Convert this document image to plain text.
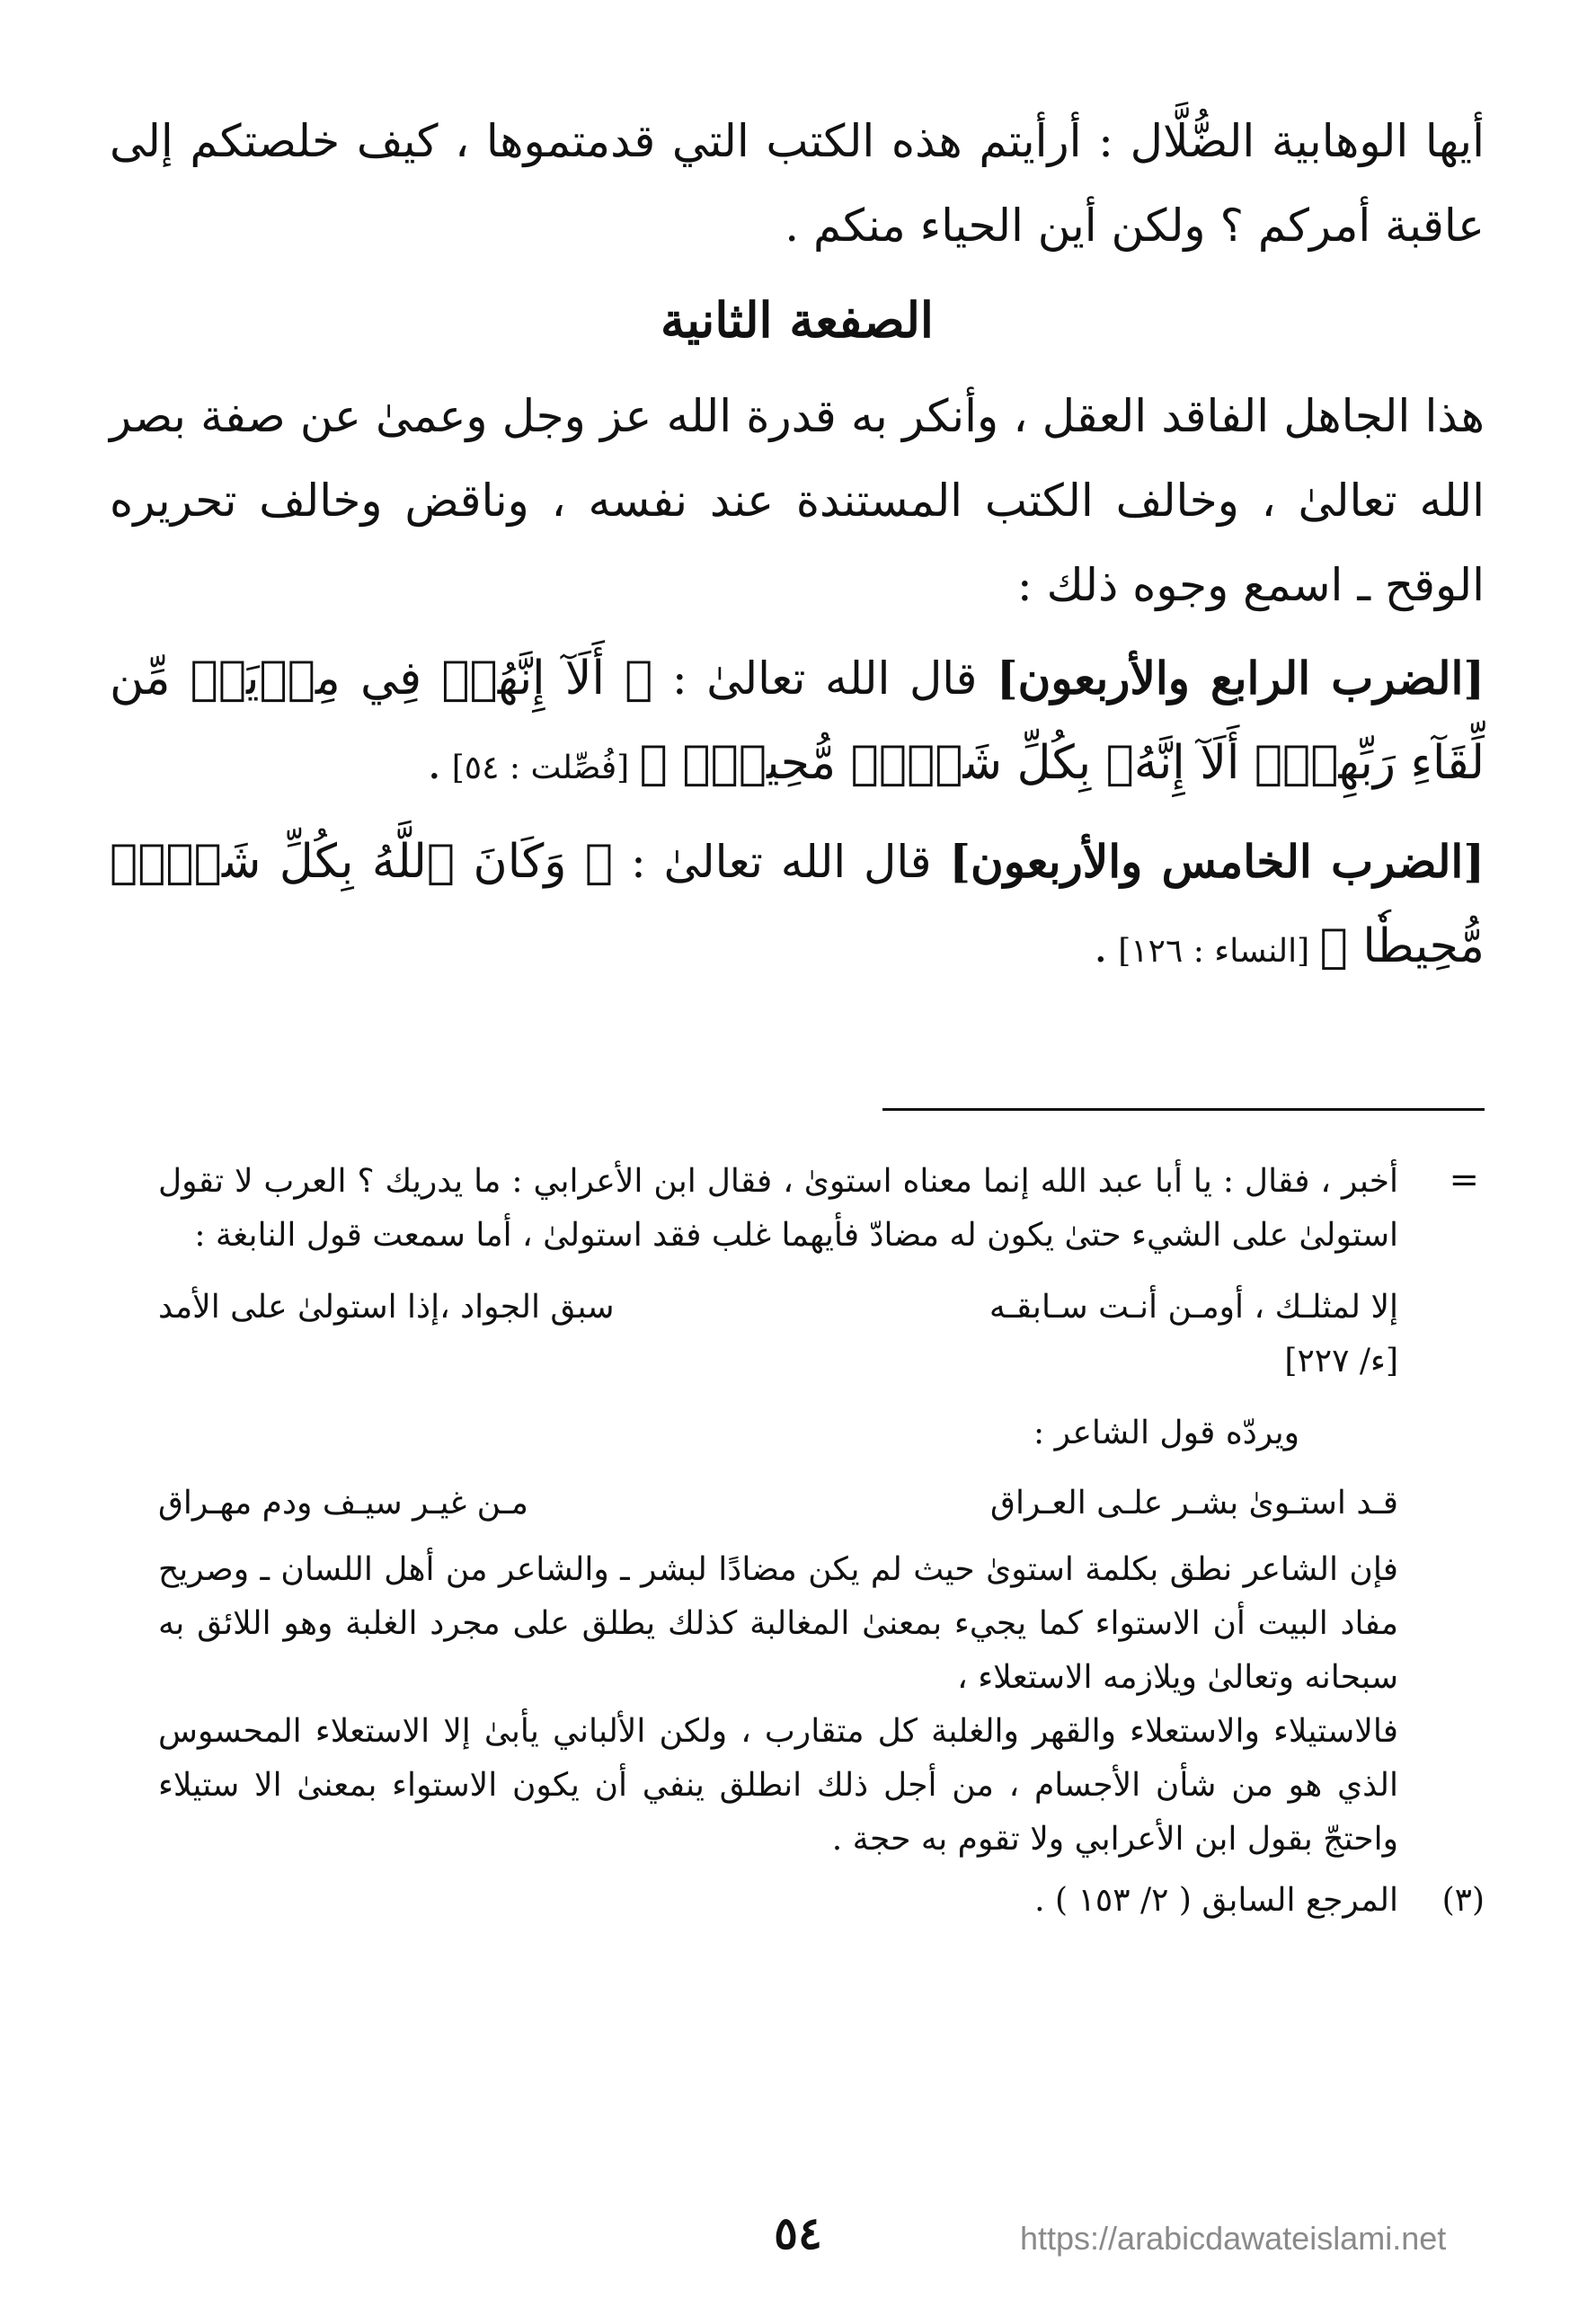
أيها الوهابية الضُّلَّال : أرأيتم هذه الكتب التي قدمتموها ، كيف خلصتكم إلى عاقبة أمركم ؟ ولكن أين الحياء منكم .

الصفعة الثانية

هذا الجاهل الفاقد العقل ، وأنكر به قدرة الله عز وجل وعمىٰ عن صفة بصر الله تعالىٰ ، وخالف الكتب المستندة عند نفسه ، وناقض وخالف تحريره الوقح ـ اسمع وجوه ذلك :

[الضرب الرابع والأربعون] قال الله تعالىٰ : ﴿ أَلَآ إِنَّهُمۡ فِي مِرۡيَةٖ مِّن لِّقَآءِ رَبِّهِمۡۗ أَلَآ إِنَّهُۥ بِكُلِّ شَيۡءٖ مُّحِيطُۢ ﴾ [فُصِّلت : ٥٤] .

[الضرب الخامس والأربعون] قال الله تعالىٰ : ﴿ وَكَانَ ٱللَّهُ بِكُلِّ شَيۡءٖ مُّحِيطٗا ﴾ [النساء : ١٢٦] .

=

أخبر ، فقال : يا أبا عبد الله إنما معناه استوىٰ ، فقال ابن الأعرابي : ما يدريك ؟ العرب لا تقول استولىٰ على الشيء حتىٰ يكون له مضادّ فأيهما غلب فقد استولىٰ ، أما سمعت قول النابغة :

إلا لمثلـك ، أومـن أنـت سـابقـه
سبق الجواد ،إذا استولىٰ على الأمد

[ء/ ٢٢٧]

ويردّه قول الشاعر :

قـد استـوىٰ بشـر علـى العـراق
مـن غيـر سيـف ودم مهـراق

فإن الشاعر نطق بكلمة استوىٰ حيث لم يكن مضادًا لبشر ـ والشاعر من أهل اللسان ـ وصريح مفاد البيت أن الاستواء كما يجيء بمعنىٰ المغالبة كذلك يطلق على مجرد الغلبة وهو اللائق به سبحانه وتعالىٰ ويلازمه الاستعلاء ،

فالاستيلاء والاستعلاء والقهر والغلبة كل متقارب ، ولكن الألباني يأبىٰ إلا الاستعلاء المحسوس الذي هو من شأن الأجسام ، من أجل ذلك انطلق ينفي أن يكون الاستواء بمعنىٰ الا ستيلاء واحتجّ بقول ابن الأعرابي ولا تقوم به حجة .

(٣)
المرجع السابق ( ٢/ ١٥٣ ) .
٥٤	https://arabicdawateislami.net
